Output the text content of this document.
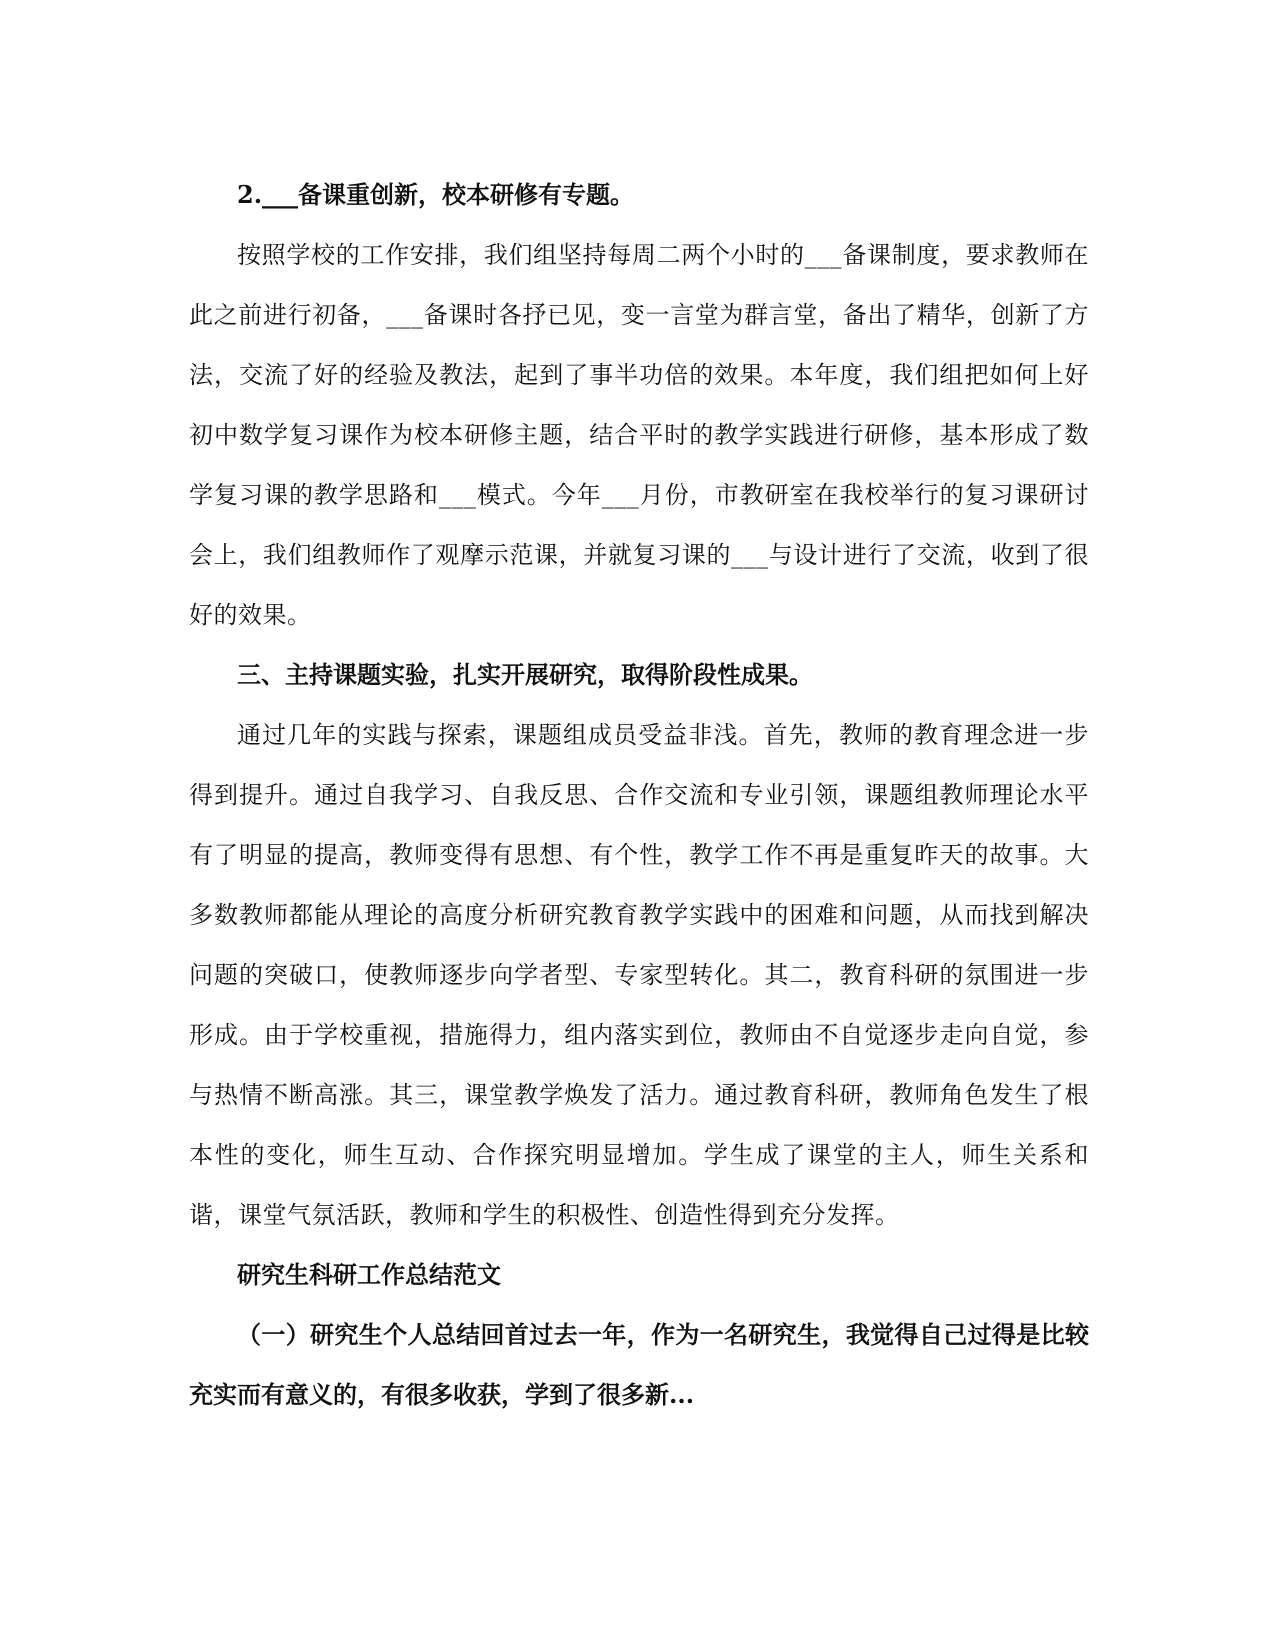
2.___备课重创新，校本研修有专题。

按照学校的工作安排，我们组坚持每周二两个小时的___备课制度，要求教师在此之前进行初备，___备课时各抒已见，变一言堂为群言堂，备出了精华，创新了方法，交流了好的经验及教法，起到了事半功倍的效果。本年度，我们组把如何上好初中数学复习课作为校本研修主题，结合平时的教学实践进行研修，基本形成了数学复习课的教学思路和___模式。今年___月份，市教研室在我校举行的复习课研讨会上，我们组教师作了观摩示范课，并就复习课的___与设计进行了交流，收到了很好的效果。

三、主持课题实验，扎实开展研究，取得阶段性成果。

通过几年的实践与探索，课题组成员受益非浅。首先，教师的教育理念进一步得到提升。通过自我学习、自我反思、合作交流和专业引领，课题组教师理论水平有了明显的提高，教师变得有思想、有个性，教学工作不再是重复昨天的故事。大多数教师都能从理论的高度分析研究教育教学实践中的困难和问题，从而找到解决问题的突破口，使教师逐步向学者型、专家型转化。其二，教育科研的氛围进一步形成。由于学校重视，措施得力，组内落实到位，教师由不自觉逐步走向自觉，参与热情不断高涨。其三，课堂教学焕发了活力。通过教育科研，教师角色发生了根本性的变化，师生互动、合作探究明显增加。学生成了课堂的主人，师生关系和谐，课堂气氛活跃，教师和学生的积极性、创造性得到充分发挥。

研究生科研工作总结范文

（一）研究生个人总结回首过去一年，作为一名研究生，我觉得自己过得是比较充实而有意义的，有很多收获，学到了很多新...
